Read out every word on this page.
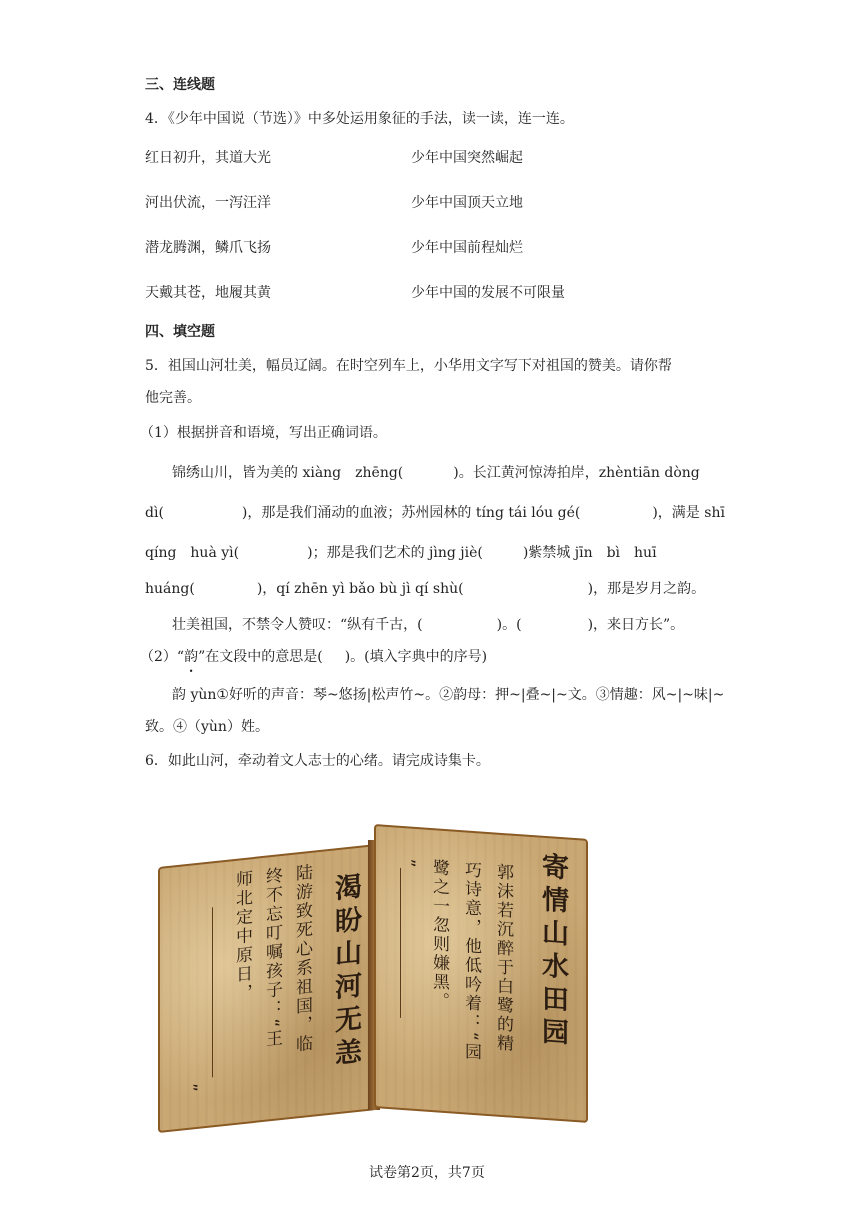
三、连线题
4．《少年中国说（节选）》中多处运用象征的手法，读一读，连一连。
红日初升，其道大光	少年中国突然崛起
河出伏流，一泻汪洋	少年中国顶天立地
潜龙腾渊，鳞爪飞扬	少年中国前程灿烂
天戴其苍，地履其黄	少年中国的发展不可限量
四、填空题
5．祖国山河壮美，幅员辽阔。在时空列车上，小华用文字写下对祖国的赞美。请你帮
他完善。
（1）根据拼音和语境，写出正确词语。
锦绣山川，皆为美的 xiàng　zhēng(	)。长江黄河惊涛拍岸，zhèntiān dòng
dì(	)，那是我们涌动的血液；苏州园林的 tíng tái lóu gé(	)，满是 shī
qíng　huà yì(	)；那是我们艺术的 jìng jiè(	)紫禁城 jīn　bì　huī
huáng(	)，qí zhēn yì bǎo bù jì qí shù(	)，那是岁月之韵。
壮美祖国，不禁令人赞叹：“纵有千古，(	)。(	)，来日方长”。
（2）“韵”在文段中的意思是( )。(填入字典中的序号)
韵 yùn①好听的声音：琴~悠扬|松声竹~。②韵母：押~|叠~|~文。③情趣：风~|~味|~
致。④（yùn）姓。
6．如此山河，牵动着文人志士的心绪。请完成诗集卡。
渴盼山河无恙
陆游致死心系祖国，临
终不忘叮嘱孩子：“王
师北定中原日，
”
寄情山水田园
郭沫若沉醉于白鹭的精
巧诗意，他低吟着：“园
鹭之一忽则嫌黑。
”
试卷第2页，共7页
